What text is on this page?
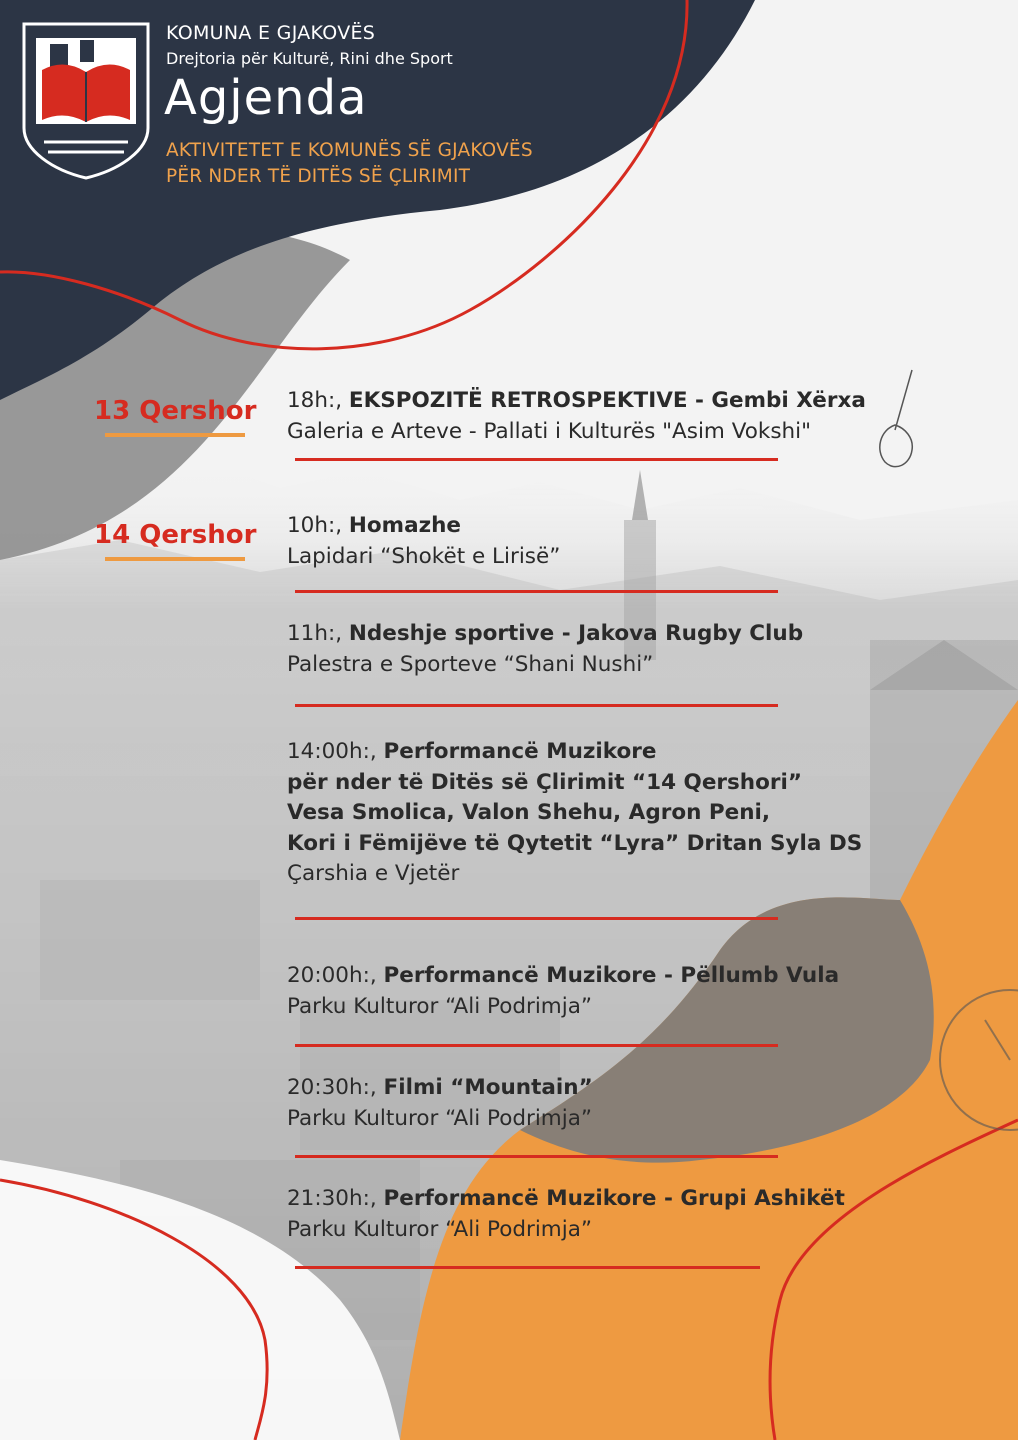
KOMUNA E GJAKOVËS
Drejtoria për Kulturë, Rini dhe Sport
Agjenda
AKTIVITETET E KOMUNËS SË GJAKOVËS
PËR NDER TË DITËS SË ÇLIRIMIT
13 Qershor
14 Qershor
18h:, EKSPOZITË RETROSPEKTIVE - Gembi Xërxa
Galeria e Arteve - Pallati i Kulturës "Asim Vokshi"
10h:, Homazhe
Lapidari “Shokët e Lirisë”
11h:, Ndeshje sportive - Jakova Rugby Club
Palestra e Sporteve “Shani Nushi”
14:00h:, Performancë Muzikore
për nder të Ditës së Çlirimit “14 Qershori”
Vesa Smolica, Valon Shehu, Agron Peni,
Kori i Fëmijëve të Qytetit “Lyra” Dritan Syla DS
Çarshia e Vjetër
20:00h:, Performancë Muzikore - Pëllumb Vula
Parku Kulturor “Ali Podrimja”
20:30h:, Filmi “Mountain”
Parku Kulturor “Ali Podrimja”
21:30h:, Performancë Muzikore - Grupi Ashikët
Parku Kulturor “Ali Podrimja”
